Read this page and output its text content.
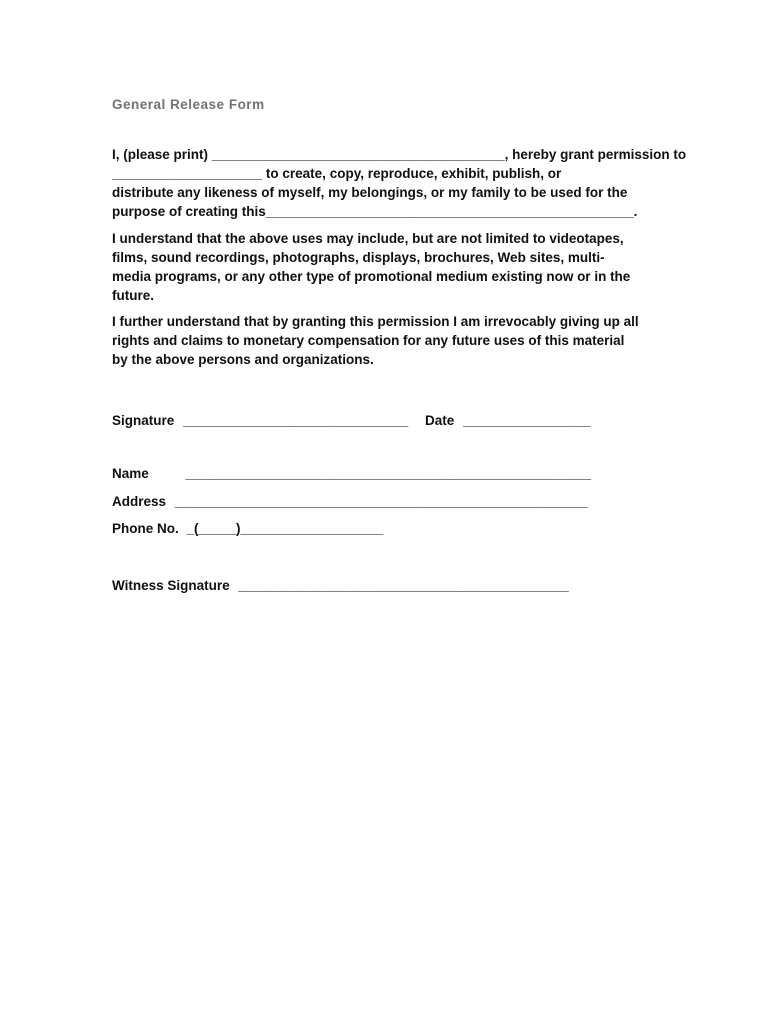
General Release Form
I, (please print) _______________________________________, hereby grant permission to
____________________ to create, copy, reproduce, exhibit, publish, or
distribute any likeness of myself, my belongings, or my family to be used for the
purpose of creating this_________________________________________________.
I understand that the above uses may include, but are not limited to videotapes,
films, sound recordings, photographs, displays, brochures, Web sites, multi-
media programs, or any other type of promotional medium existing now or in the
future.
I further understand that by granting this permission I am irrevocably giving up all
rights and claims to monetary compensation for any future uses of this material
by the above persons and organizations.
Signature ______________________________ Date _________________
Name	______________________________________________________
Address _______________________________________________________
Phone No. _(_____)___________________
Witness Signature ____________________________________________
